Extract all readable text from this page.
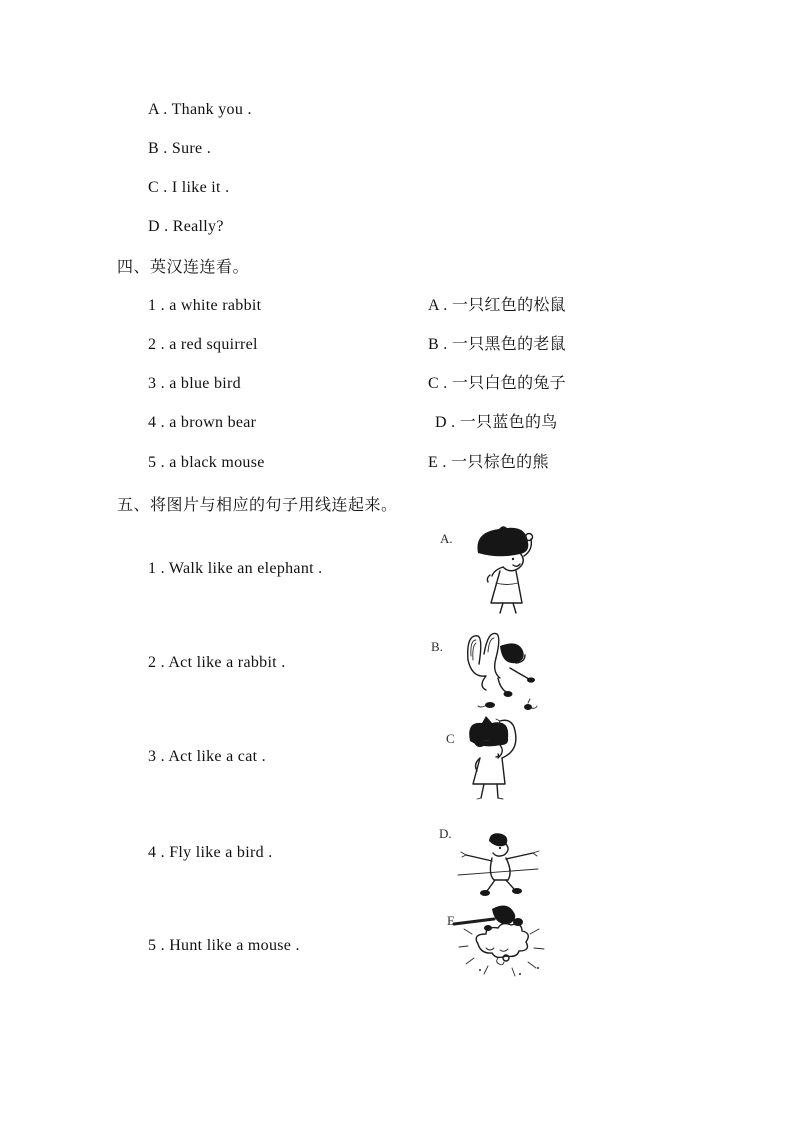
A . Thank you .
B . Sure .
C . I like it .
D . Really?
四、英汉连连看。
1 . a white rabbit
2 . a red squirrel
3 . a blue bird
4 . a brown bear
5 . a black mouse
A . 一只红色的松鼠
B . 一只黑色的老鼠
C . 一只白色的兔子
D . 一只蓝色的鸟
E . 一只棕色的熊
五、将图片与相应的句子用线连起来。
1 . Walk like an elephant .
2 . Act like a rabbit .
3 . Act like a cat .
4 . Fly like a bird .
5 . Hunt like a mouse .
A.
B.
C
D.
E.
